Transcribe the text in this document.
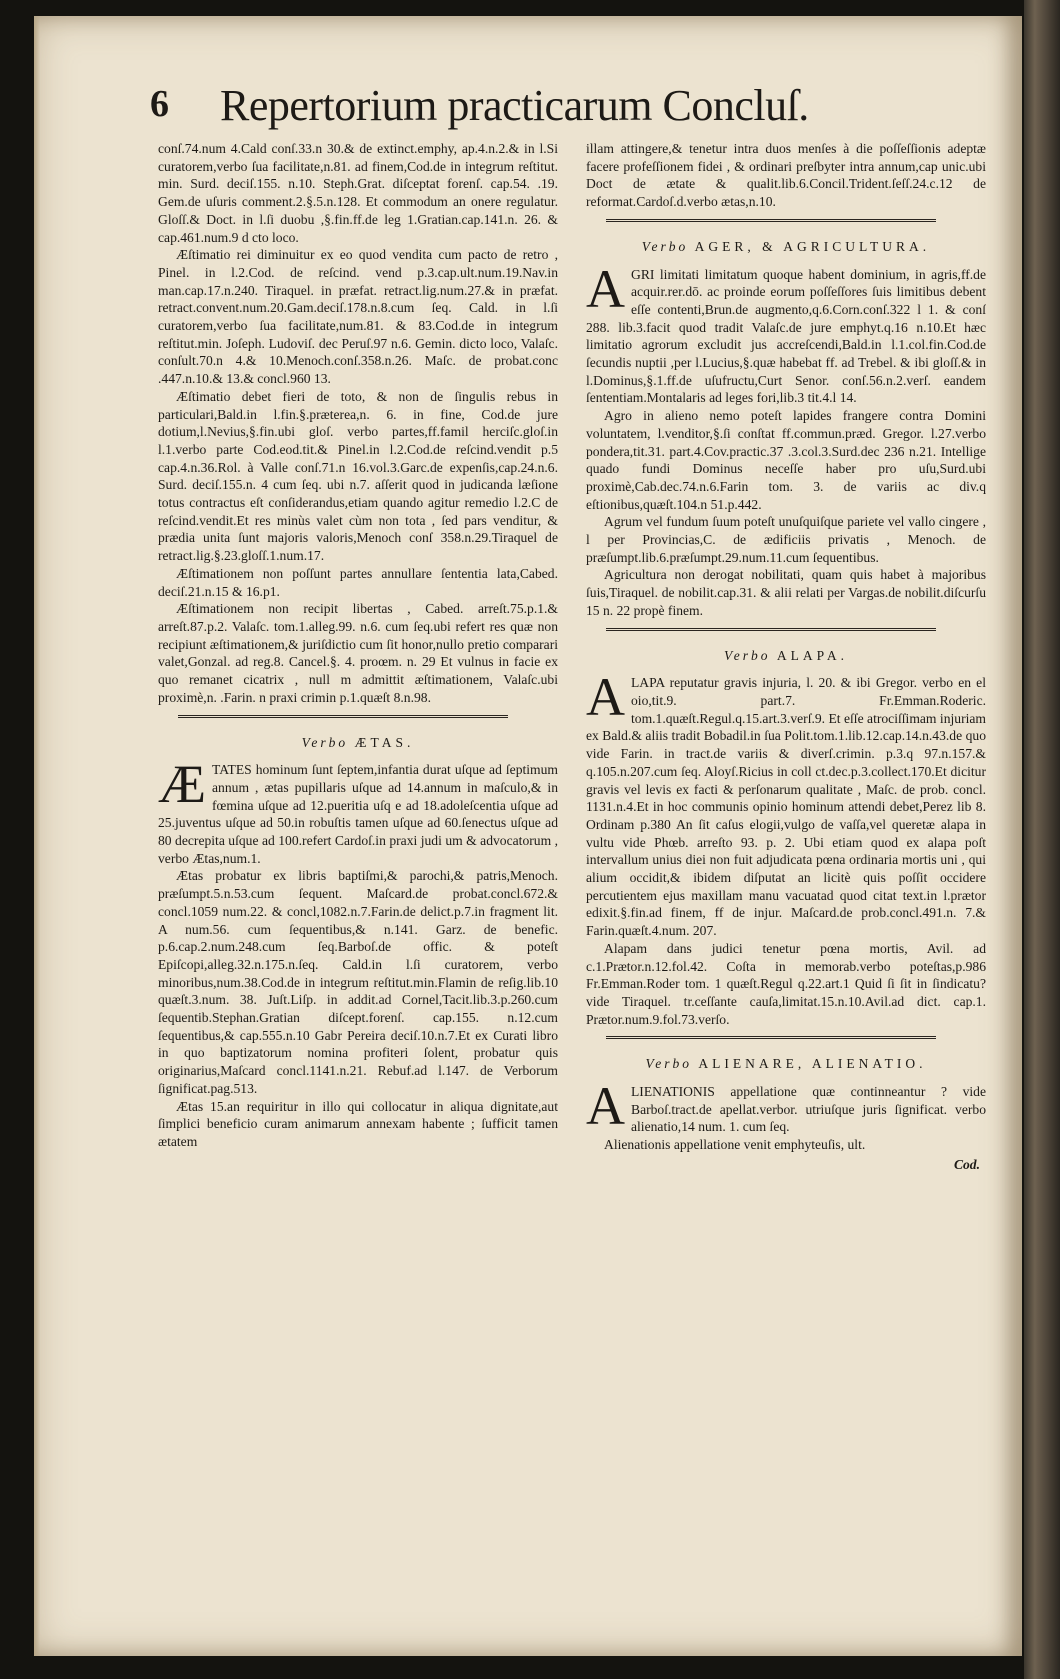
6 Repertorium practicarum Concluſ.

conſ.74.num 4.Cald conſ.33.n 30.& de extinct.emphy, ap.4.n.2.& in l.Si curatorem,verbo ſua facilitate,n.81. ad finem,Cod.de in integrum reſtitut. min. Surd. deciſ.155. n.10. Steph.Grat. diſceptat forenſ. cap.54. .19. Gem.de uſuris comment.2.§.5.n.128. Et commodum an onere regulatur. Gloſſ.& Doct. in l.ſi duobu ,§.fin.ff.de leg 1.Gratian.cap.141.n. 26. & cap.461.num.9 d cto loco.

Æſtimatio rei diminuitur ex eo quod vendita cum pacto de retro , Pinel. in l.2.Cod. de reſcind. vend p.3.cap.ult.num.19.Nav.in man.cap.17.n.240. Tiraquel. in præfat. retract.lig.num.27.& in præfat. retract.convent.num.20.Gam.deciſ.178.n.8.cum ſeq. Cald. in l.ſi curatorem,verbo ſua facilitate,num.81. & 83.Cod.de in integrum reſtitut.min. Joſeph. Ludoviſ. dec Peruſ.97 n.6. Gemin. dicto loco, Valaſc. conſult.70.n 4.& 10.Menoch.conſ.358.n.26. Maſc. de probat.conc .447.n.10.& 13.& concl.960 13.

Æſtimatio debet fieri de toto, & non de ſingulis rebus in particulari,Bald.in l.fin.§.præterea,n. 6. in fine, Cod.de jure dotium,l.Nevius,§.fin.ubi gloſ. verbo partes,ff.famil herciſc.gloſ.in l.1.verbo parte Cod.eod.tit.& Pinel.in l.2.Cod.de reſcind.vendit p.5 cap.4.n.36.Rol. à Valle conſ.71.n 16.vol.3.Garc.de expenſis,cap.24.n.6. Surd. deciſ.155.n. 4 cum ſeq. ubi n.7. aſſerit quod in judicanda læſione totus contractus eſt conſiderandus,etiam quando agitur remedio l.2.C de reſcind.vendit.Et res minùs valet cùm non tota , ſed pars venditur, & prædia unita ſunt majoris valoris,Menoch conſ 358.n.29.Tiraquel de retract.lig.§.23.gloſſ.1.num.17.

Æſtimationem non poſſunt partes annullare ſententia lata,Cabed. deciſ.21.n.15 & 16.p1.

Æſtimationem non recipit libertas , Cabed. arreſt.75.p.1.& arreſt.87.p.2. Valaſc. tom.1.alleg.99. n.6. cum ſeq.ubi refert res quæ non recipiunt æſtimationem,& juriſdictio cum ſit honor,nullo pretio comparari valet,Gonzal. ad reg.8. Cancel.§. 4. proœm. n. 29 Et vulnus in facie ex quo remanet cicatrix , null m admittit æſtimationem, Valaſc.ubi proximè,n. .Farin. n praxi crimin p.1.quæſt 8.n.98.

Verbo ÆTAS.

Æ TATES hominum ſunt ſeptem,infantia durat uſque ad ſeptimum annum , ætas pupillaris uſque ad 14.annum in maſculo,& in fœmina uſque ad 12.pueritia uſq e ad 18.adoleſcentia uſque ad 25.juventus uſque ad 50.in robuſtis tamen uſque ad 60.ſenectus uſque ad 80 decrepita uſque ad 100.refert Cardoſ.in praxi judi um & advocatorum , verbo Ætas,num.1.

Ætas probatur ex libris baptiſmi,& parochi,& patris,Menoch. præſumpt.5.n.53.cum ſequent. Maſcard.de probat.concl.672.& concl.1059 num.22. & concl,1082.n.7.Farin.de delict.p.7.in fragment lit. A num.56. cum ſequentibus,& n.141. Garz. de benefic. p.6.cap.2.num.248.cum ſeq.Barboſ.de offic. & poteſt Epiſcopi,alleg.32.n.175.n.ſeq. Cald.in l.ſi curatorem, verbo minoribus,num.38.Cod.de in integrum reſtitut.min.Flamin de reſig.lib.10 quæſt.3.num. 38. Juſt.Liſp. in addit.ad Cornel,Tacit.lib.3.p.260.cum ſequentib.Stephan.Gratian diſcept.forenſ. cap.155. n.12.cum ſequentibus,& cap.555.n.10 Gabr Pereira deciſ.10.n.7.Et ex Curati libro in quo baptizatorum nomina profiteri ſolent, probatur quis originarius,Maſcard concl.1141.n.21. Rebuf.ad l.147. de Verborum ſignificat.pag.513.

Ætas 15.an requiritur in illo qui collocatur in aliqua dignitate,aut ſimplici beneficio curam animarum annexam habente ; ſufficit tamen ætatem

illam attingere,& tenetur intra duos menſes à die poſſeſſionis adeptæ facere profeſſionem fidei , & ordinari preſbyter intra annum,cap unic.ubi Doct de ætate & qualit.lib.6.Concil.Trident.ſeſſ.24.c.12 de reformat.Cardoſ.d.verbo ætas,n.10.

Verbo AGER, & AGRICULTURA.

A GRI limitati limitatum quoque habent dominium, in agris,ff.de acquir.rer.dō. ac proinde eorum poſſeſſores ſuis limitibus debent eſſe contenti,Brun.de augmento,q.6.Corn.conſ.322 l 1. & conſ 288. lib.3.facit quod tradit Valaſc.de jure emphyt.q.16 n.10.Et hæc limitatio agrorum excludit jus accreſcendi,Bald.in l.1.col.fin.Cod.de ſecundis nuptii ,per l.Lucius,§.quæ habebat ff. ad Trebel. & ibi gloſſ.& in l.Dominus,§.1.ff.de uſufructu,Curt Senor. conſ.56.n.2.verſ. eandem ſententiam.Montalaris ad leges fori,lib.3 tit.4.l 14.

Agro in alieno nemo poteſt lapides frangere contra Domini voluntatem, l.venditor,§.ſi conſtat ff.commun.præd. Gregor. l.27.verbo pondera,tit.31. part.4.Cov.practic.37 .3.col.3.Surd.dec 236 n.21. Intellige quado fundi Dominus neceſſe haber pro uſu,Surd.ubi proximè,Cab.dec.74.n.6.Farin tom. 3. de variis ac div.q eſtionibus,quæſt.104.n 51.p.442.

Agrum vel fundum ſuum poteſt unuſquiſque pariete vel vallo cingere , l per Provincias,C. de ædificiis privatis , Menoch. de præſumpt.lib.6.præſumpt.29.num.11.cum ſequentibus.

Agricultura non derogat nobilitati, quam quis habet à majoribus ſuis,Tiraquel. de nobilit.cap.31. & alii relati per Vargas.de nobilit.diſcurſu 15 n. 22 propè finem.

Verbo ALAPA.

A LAPA reputatur gravis injuria, l. 20. & ibi Gregor. verbo en el oio,tit.9. part.7. Fr.Emman.Roderic. tom.1.quæſt.Regul.q.15.art.3.verſ.9. Et eſſe atrociſſimam injuriam ex Bald.& aliis tradit Bobadil.in ſua Polit.tom.1.lib.12.cap.14.n.43.de quo vide Farin. in tract.de variis & diverſ.crimin. p.3.q 97.n.157.& q.105.n.207.cum ſeq. Aloyſ.Ricius in coll ct.dec.p.3.collect.170.Et dicitur gravis vel levis ex facti & perſonarum qualitate , Maſc. de prob. concl. 1131.n.4.Et in hoc communis opinio hominum attendi debet,Perez lib 8. Ordinam p.380 An ſit caſus elogii,vulgo de vaſſa,vel queretæ alapa in vultu vide Phœb. arreſto 93. p. 2. Ubi etiam quod ex alapa poſt intervallum unius diei non fuit adjudicata pœna ordinaria mortis uni , qui alium occidit,& ibidem diſputat an licitè quis poſſit occidere percutientem ejus maxillam manu vacuatad quod citat text.in l.prætor edixit.§.fin.ad finem, ff de injur. Maſcard.de prob.concl.491.n. 7.& Farin.quæſt.4.num. 207.

Alapam dans judici tenetur pœna mortis, Avil. ad c.1.Prætor.n.12.fol.42. Coſta in memorab.verbo poteſtas,p.986 Fr.Emman.Roder tom. 1 quæſt.Regul q.22.art.1 Quid ſi ſit in ſindicatu?vide Tiraquel. tr.ceſſante cauſa,limitat.15.n.10.Avil.ad dict. cap.1. Prætor.num.9.fol.73.verſo.

Verbo ALIENARE, ALIENATIO.

A LIENATIONIS appellatione quæ continneantur ? vide Barboſ.tract.de apellat.verbor. utriuſque juris ſignificat. verbo alienatio,14 num. 1. cum ſeq.

Alienationis appellatione venit emphyteuſis, ult.

Cod.
